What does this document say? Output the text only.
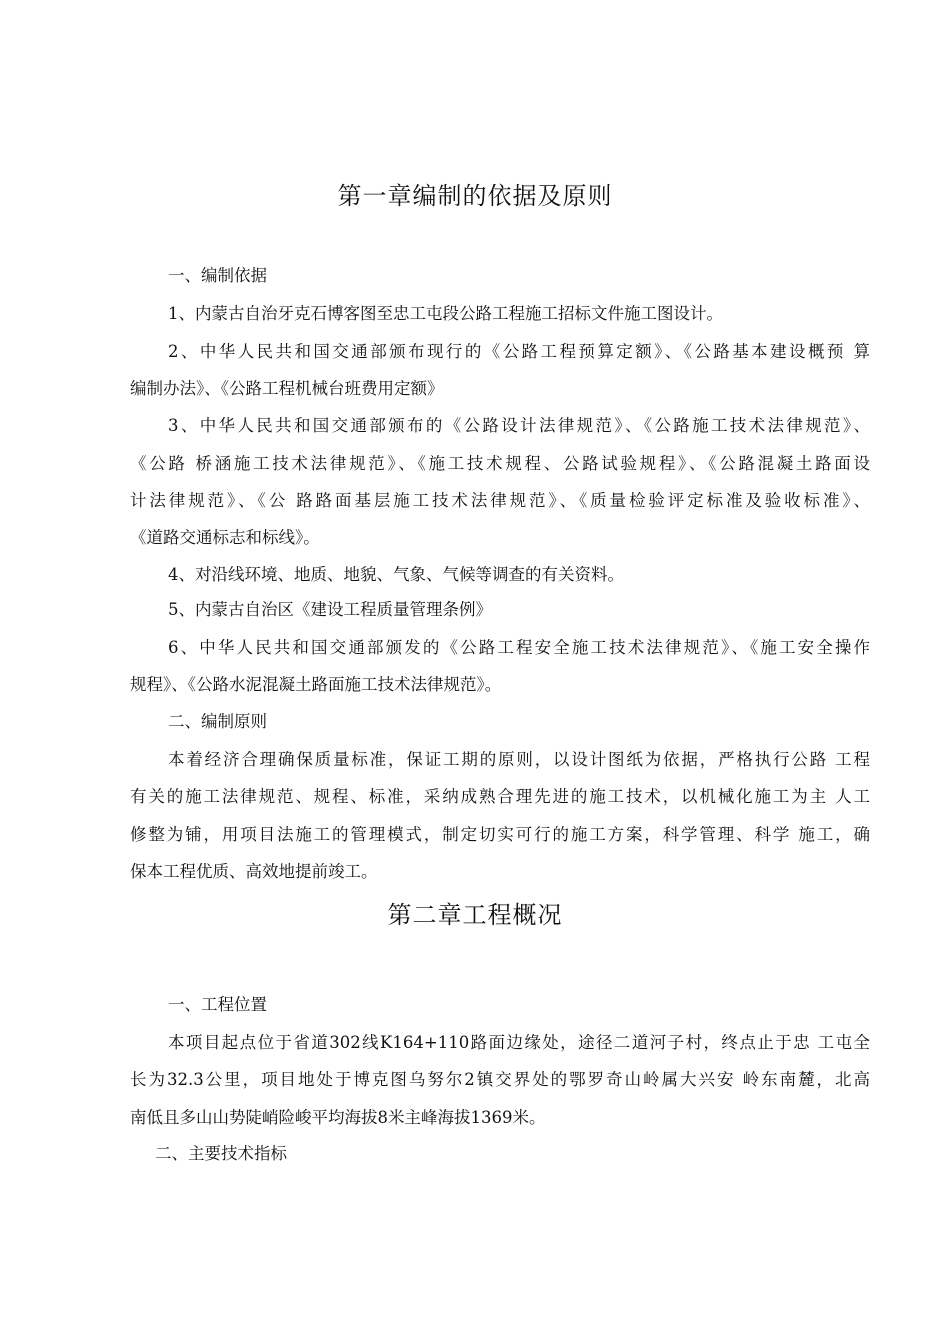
第一章编制的依据及原则
一、编制依据
1、内蒙古自治牙克石博客图至忠工屯段公路工程施工招标文件施工图设计。
2、中华人民共和国交通部颁布现行的《公路工程预算定额》、《公路基本建设概预 算
编制办法》、《公路工程机械台班费用定额》
3、中华人民共和国交通部颁布的《公路设计法律规范》、《公路施工技术法律规范》、
《公路 桥涵施工技术法律规范》、《施工技术规程、公路试验规程》、《公路混凝土路面设
计法律规范》、《公 路路面基层施工技术法律规范》、《质量检验评定标准及验收标准》、
《道路交通标志和标线》。
4、对沿线环境、地质、地貌、气象、气候等调查的有关资料。
5、内蒙古自治区《建设工程质量管理条例》
6、中华人民共和国交通部颁发的《公路工程安全施工技术法律规范》、《施工安全操作
规程》、《公路水泥混凝土路面施工技术法律规范》。
二、编制原则
本着经济合理确保质量标准，保证工期的原则，以设计图纸为依据，严格执行公路 工程
有关的施工法律规范、规程、标准，采纳成熟合理先进的施工技术，以机械化施工为主 人工
修整为铺，用项目法施工的管理模式，制定切实可行的施工方案，科学管理、科学 施工，确
保本工程优质、高效地提前竣工。
第二章工程概况
一、工程位置
本项目起点位于省道302线K164+110路面边缘处，途径二道河子村，终点止于忠 工屯全
长为32.3公里，项目地处于博克图乌努尔2镇交界处的鄂罗奇山岭属大兴安 岭东南麓，北高
南低且多山山势陡峭险峻平均海拔8米主峰海拔1369米。
二、主要技术指标
